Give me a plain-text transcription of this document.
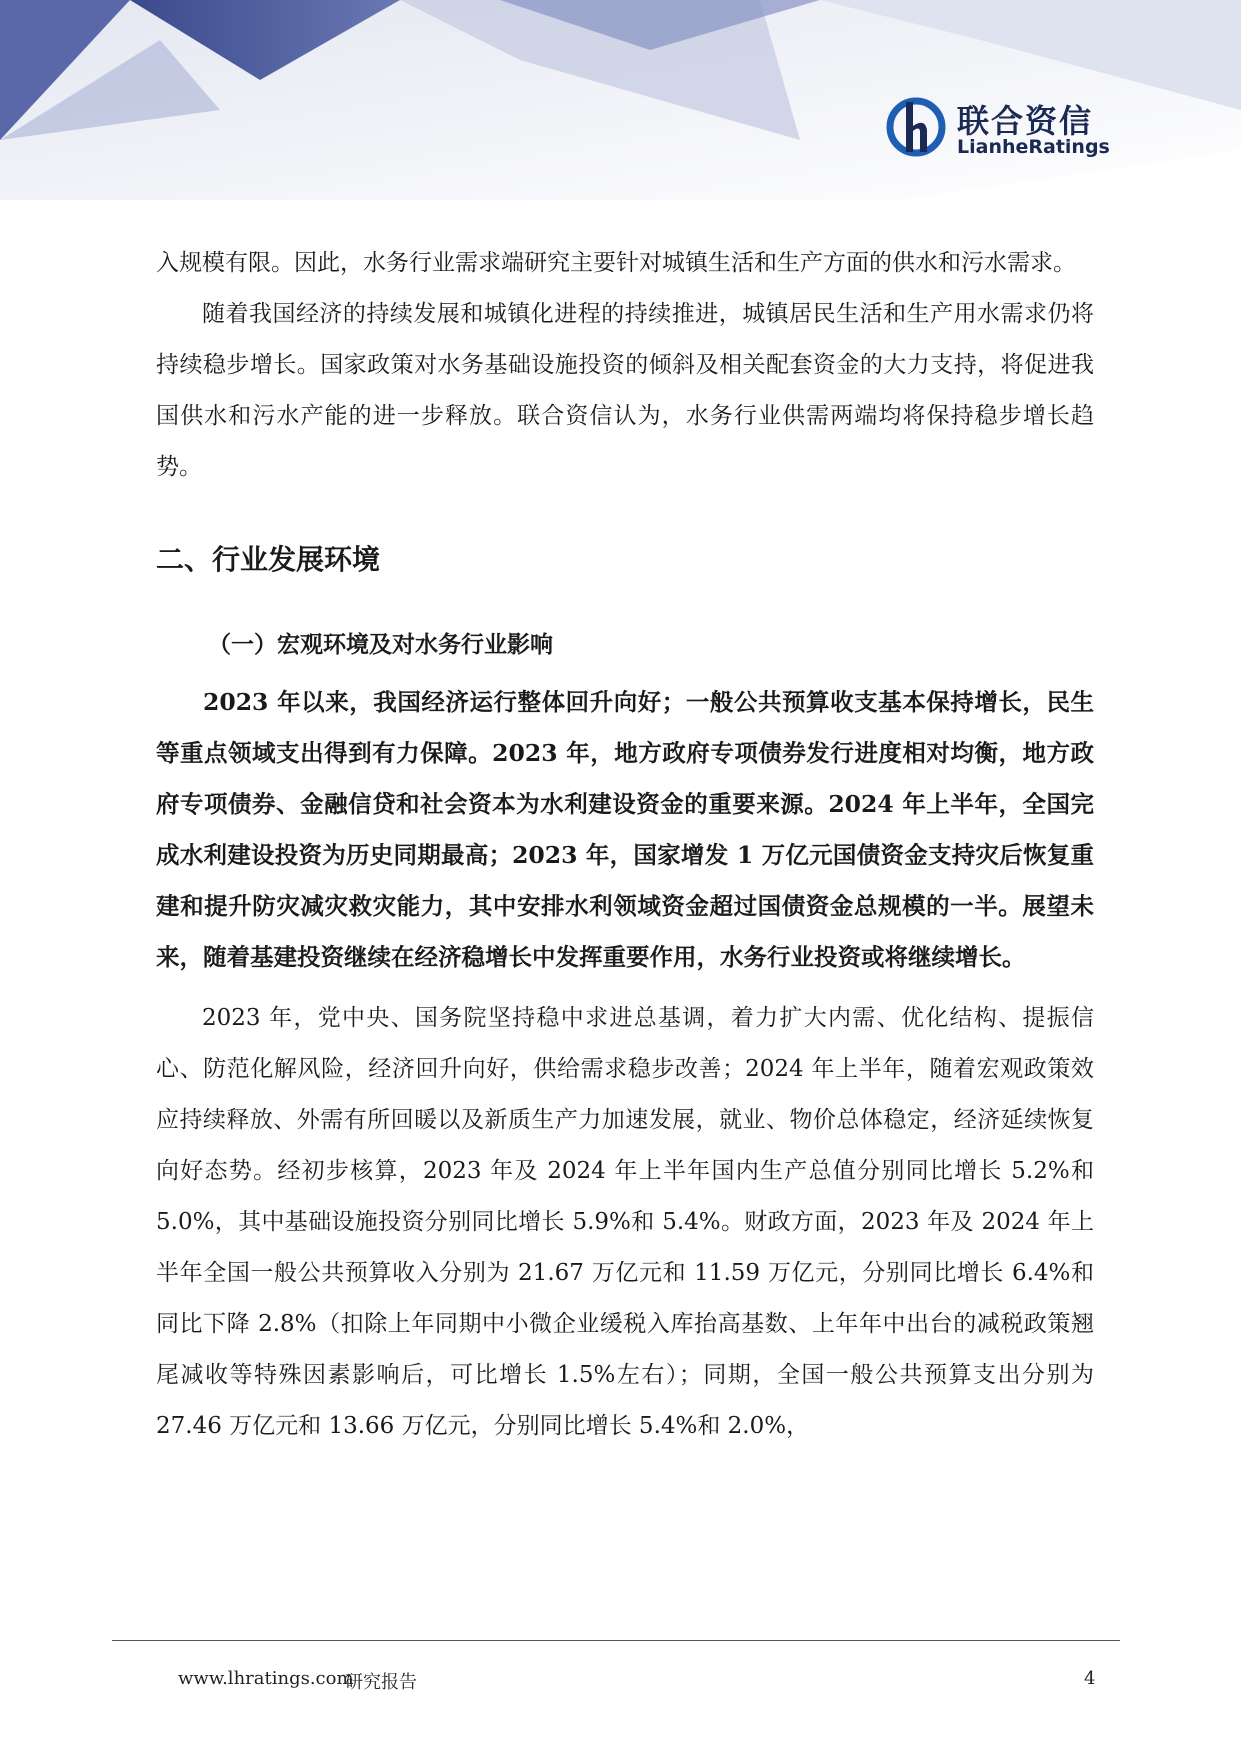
联合资信
LianheRatings

入规模有限。因此，水务行业需求端研究主要针对城镇生活和生产方面的供水和污水需求。

随着我国经济的持续发展和城镇化进程的持续推进，城镇居民生活和生产用水需求仍将持续稳步增长。国家政策对水务基础设施投资的倾斜及相关配套资金的大力支持，将促进我国供水和污水产能的进一步释放。联合资信认为，水务行业供需两端均将保持稳步增长趋势。

二、行业发展环境
（一）宏观环境及对水务行业影响

2023 年以来，我国经济运行整体回升向好；一般公共预算收支基本保持增长，民生等重点领域支出得到有力保障。2023 年，地方政府专项债券发行进度相对均衡，地方政府专项债券、金融信贷和社会资本为水利建设资金的重要来源。2024 年上半年，全国完成水利建设投资为历史同期最高；2023 年，国家增发 1 万亿元国债资金支持灾后恢复重建和提升防灾减灾救灾能力，其中安排水利领域资金超过国债资金总规模的一半。展望未来，随着基建投资继续在经济稳增长中发挥重要作用，水务行业投资或将继续增长。

2023 年，党中央、国务院坚持稳中求进总基调，着力扩大内需、优化结构、提振信心、防范化解风险，经济回升向好，供给需求稳步改善；2024 年上半年，随着宏观政策效应持续释放、外需有所回暖以及新质生产力加速发展，就业、物价总体稳定，经济延续恢复向好态势。经初步核算，2023 年及 2024 年上半年国内生产总值分别同比增长 5.2%和 5.0%，其中基础设施投资分别同比增长 5.9%和 5.4%。财政方面，2023 年及 2024 年上半年全国一般公共预算收入分别为 21.67 万亿元和 11.59 万亿元，分别同比增长 6.4%和同比下降 2.8%（扣除上年同期中小微企业缓税入库抬高基数、上年年中出台的减税政策翘尾减收等特殊因素影响后，可比增长 1.5%左右）；同期，全国一般公共预算支出分别为 27.46 万亿元和 13.66 万亿元，分别同比增长 5.4%和 2.0%，

www.lhratings.com
研究报告	4
